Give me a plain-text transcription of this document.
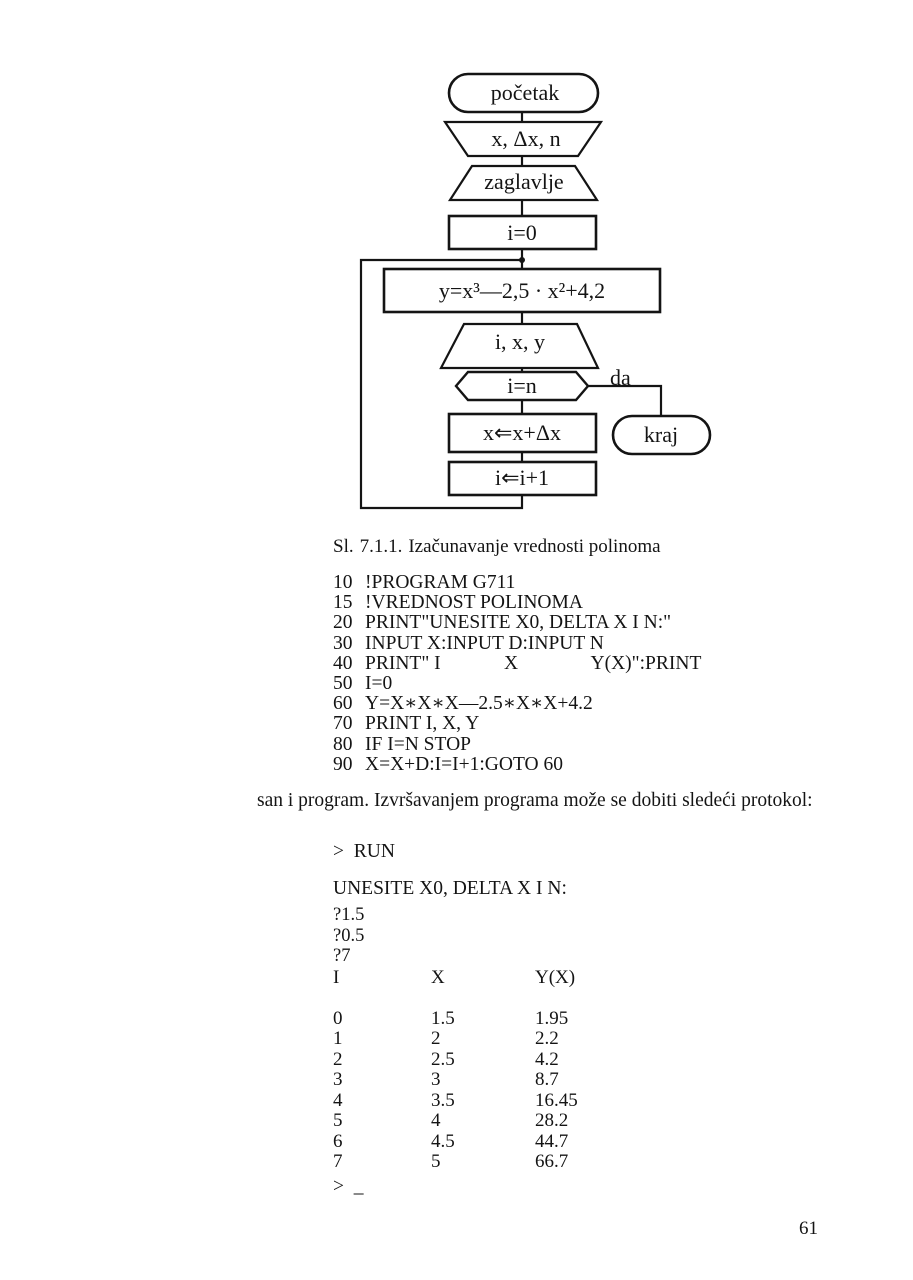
početak
x, Δx, n
zaglavlje
i=0
y=x³—2,5 · x²+4,2
i, x, y
i=n	da
x⇐x+Δx
i⇐i+1
kraj
Sl. 7.1.1. Izačunavanje vrednosti polinoma
10 !PROGRAM G711
15 !VREDNOST POLINOMA
20 PRINT"UNESITE X0, DELTA X I N:"
30 INPUT X:INPUT D:INPUT N
40 PRINT" I             X               Y(X)":PRINT
50 I=0
60 Y=X∗X∗X—2.5∗X∗X+4.2
70 PRINT I, X, Y
80 IF I=N STOP
90 X=X+D:I=I+1:GOTO 60
san i program. Izvršavanjem programa može se dobiti sledeći protokol:
>  RUN
UNESITE X0, DELTA X I N:
?1.5
?0.5
?7
I	X	Y(X)
0	1.5	1.95
1	2	2.2
2	2.5	4.2
3	3	8.7
4	3.5	16.45
5	4	28.2
6	4.5	44.7
7	5	66.7
>  _
61
